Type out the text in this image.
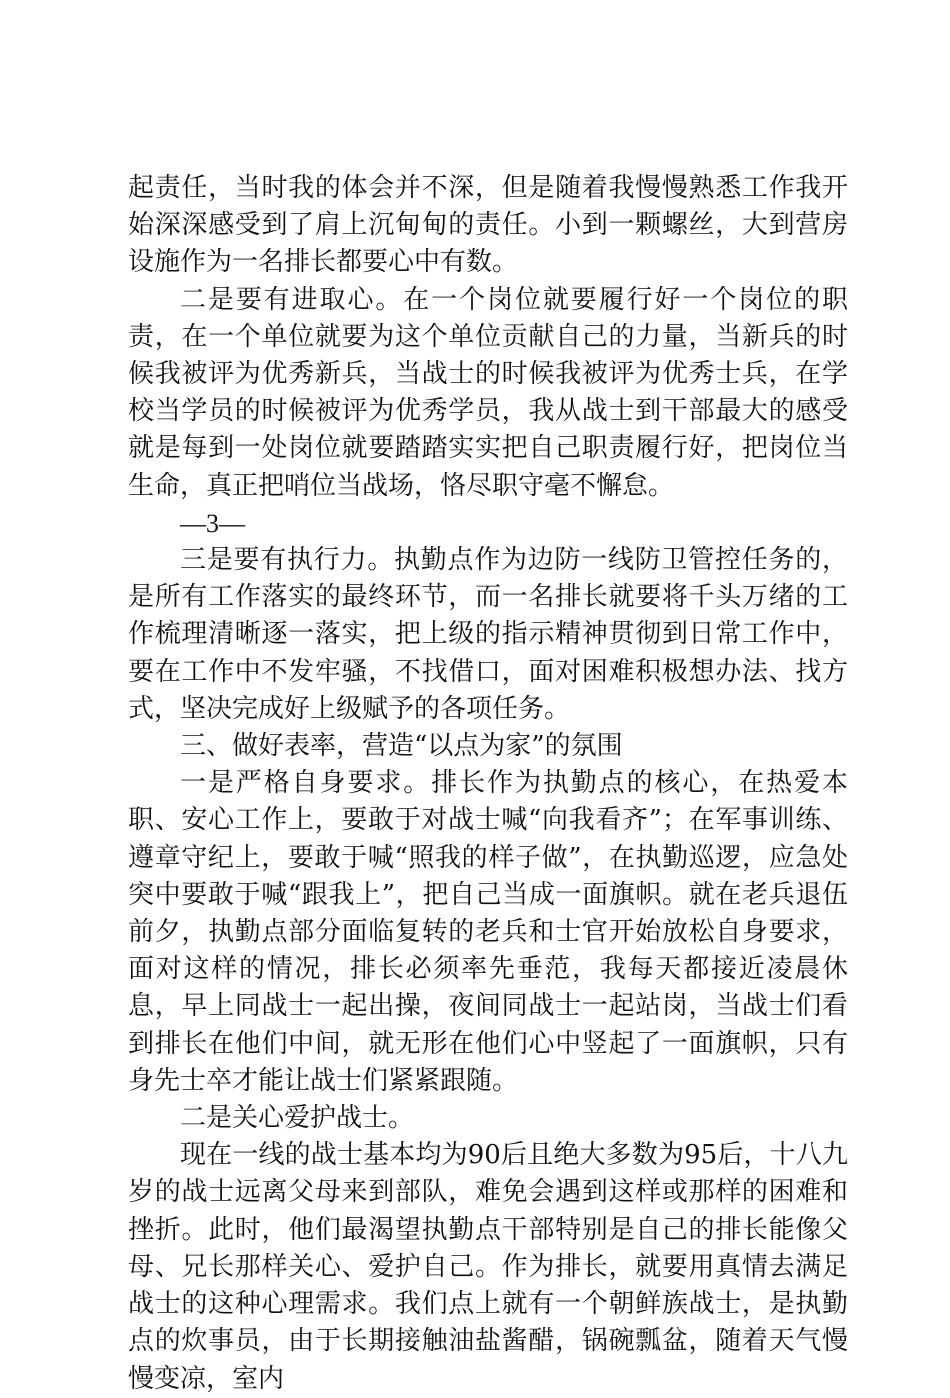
起责任，当时我的体会并不深，但是随着我慢慢熟悉工作我开始深深感受到了肩上沉甸甸的责任。小到一颗螺丝，大到营房设施作为一名排长都要心中有数。

二是要有进取心。在一个岗位就要履行好一个岗位的职责，在一个单位就要为这个单位贡献自己的力量，当新兵的时候我被评为优秀新兵，当战士的时候我被评为优秀士兵，在学校当学员的时候被评为优秀学员，我从战士到干部最大的感受就是每到一处岗位就要踏踏实实把自己职责履行好，把岗位当生命，真正把哨位当战场，恪尽职守毫不懈怠。

—3—

三是要有执行力。执勤点作为边防一线防卫管控任务的，是所有工作落实的最终环节，而一名排长就要将千头万绪的工作梳理清晰逐一落实，把上级的指示精神贯彻到日常工作中，要在工作中不发牢骚，不找借口，面对困难积极想办法、找方式，坚决完成好上级赋予的各项任务。

三、做好表率，营造“以点为家”的氛围

一是严格自身要求。排长作为执勤点的核心，在热爱本职、安心工作上，要敢于对战士喊“向我看齐”；在军事训练、遵章守纪上，要敢于喊“照我的样子做”，在执勤巡逻，应急处突中要敢于喊“跟我上”，把自己当成一面旗帜。就在老兵退伍前夕，执勤点部分面临复转的老兵和士官开始放松自身要求，面对这样的情况，排长必须率先垂范，我每天都接近凌晨休息，早上同战士一起出操，夜间同战士一起站岗，当战士们看到排长在他们中间，就无形在他们心中竖起了一面旗帜，只有身先士卒才能让战士们紧紧跟随。

二是关心爱护战士。

现在一线的战士基本均为90后且绝大多数为95后，十八九岁的战士远离父母来到部队，难免会遇到这样或那样的困难和挫折。此时，他们最渴望执勤点干部特别是自己的排长能像父母、兄长那样关心、爱护自己。作为排长，就要用真情去满足战士的这种心理需求。我们点上就有一个朝鲜族战士，是执勤点的炊事员，由于长期接触油盐酱醋，锅碗瓢盆，随着天气慢慢变凉，室内
